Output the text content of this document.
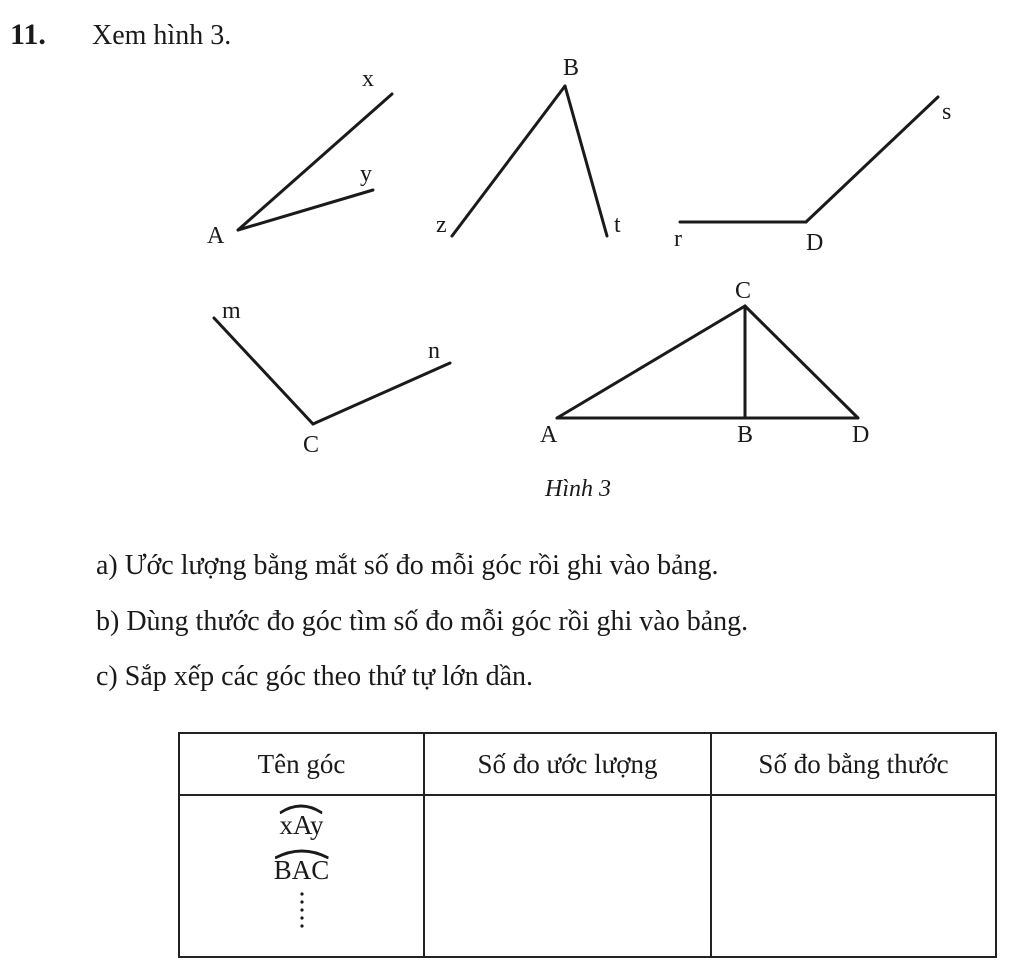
11. Xem hình 3.
x
y
A
B
z	t
r	D
s
m
n
C
C
A	B	D
Hình 3
a) Ước lượng bằng mắt số đo mỗi góc rồi ghi vào bảng.
b) Dùng thước đo góc tìm số đo mỗi góc rồi ghi vào bảng.
c) Sắp xếp các góc theo thứ tự lớn dần.
Tên góc	Số đo ước lượng	Số đo bằng thước

xAy

BAC
